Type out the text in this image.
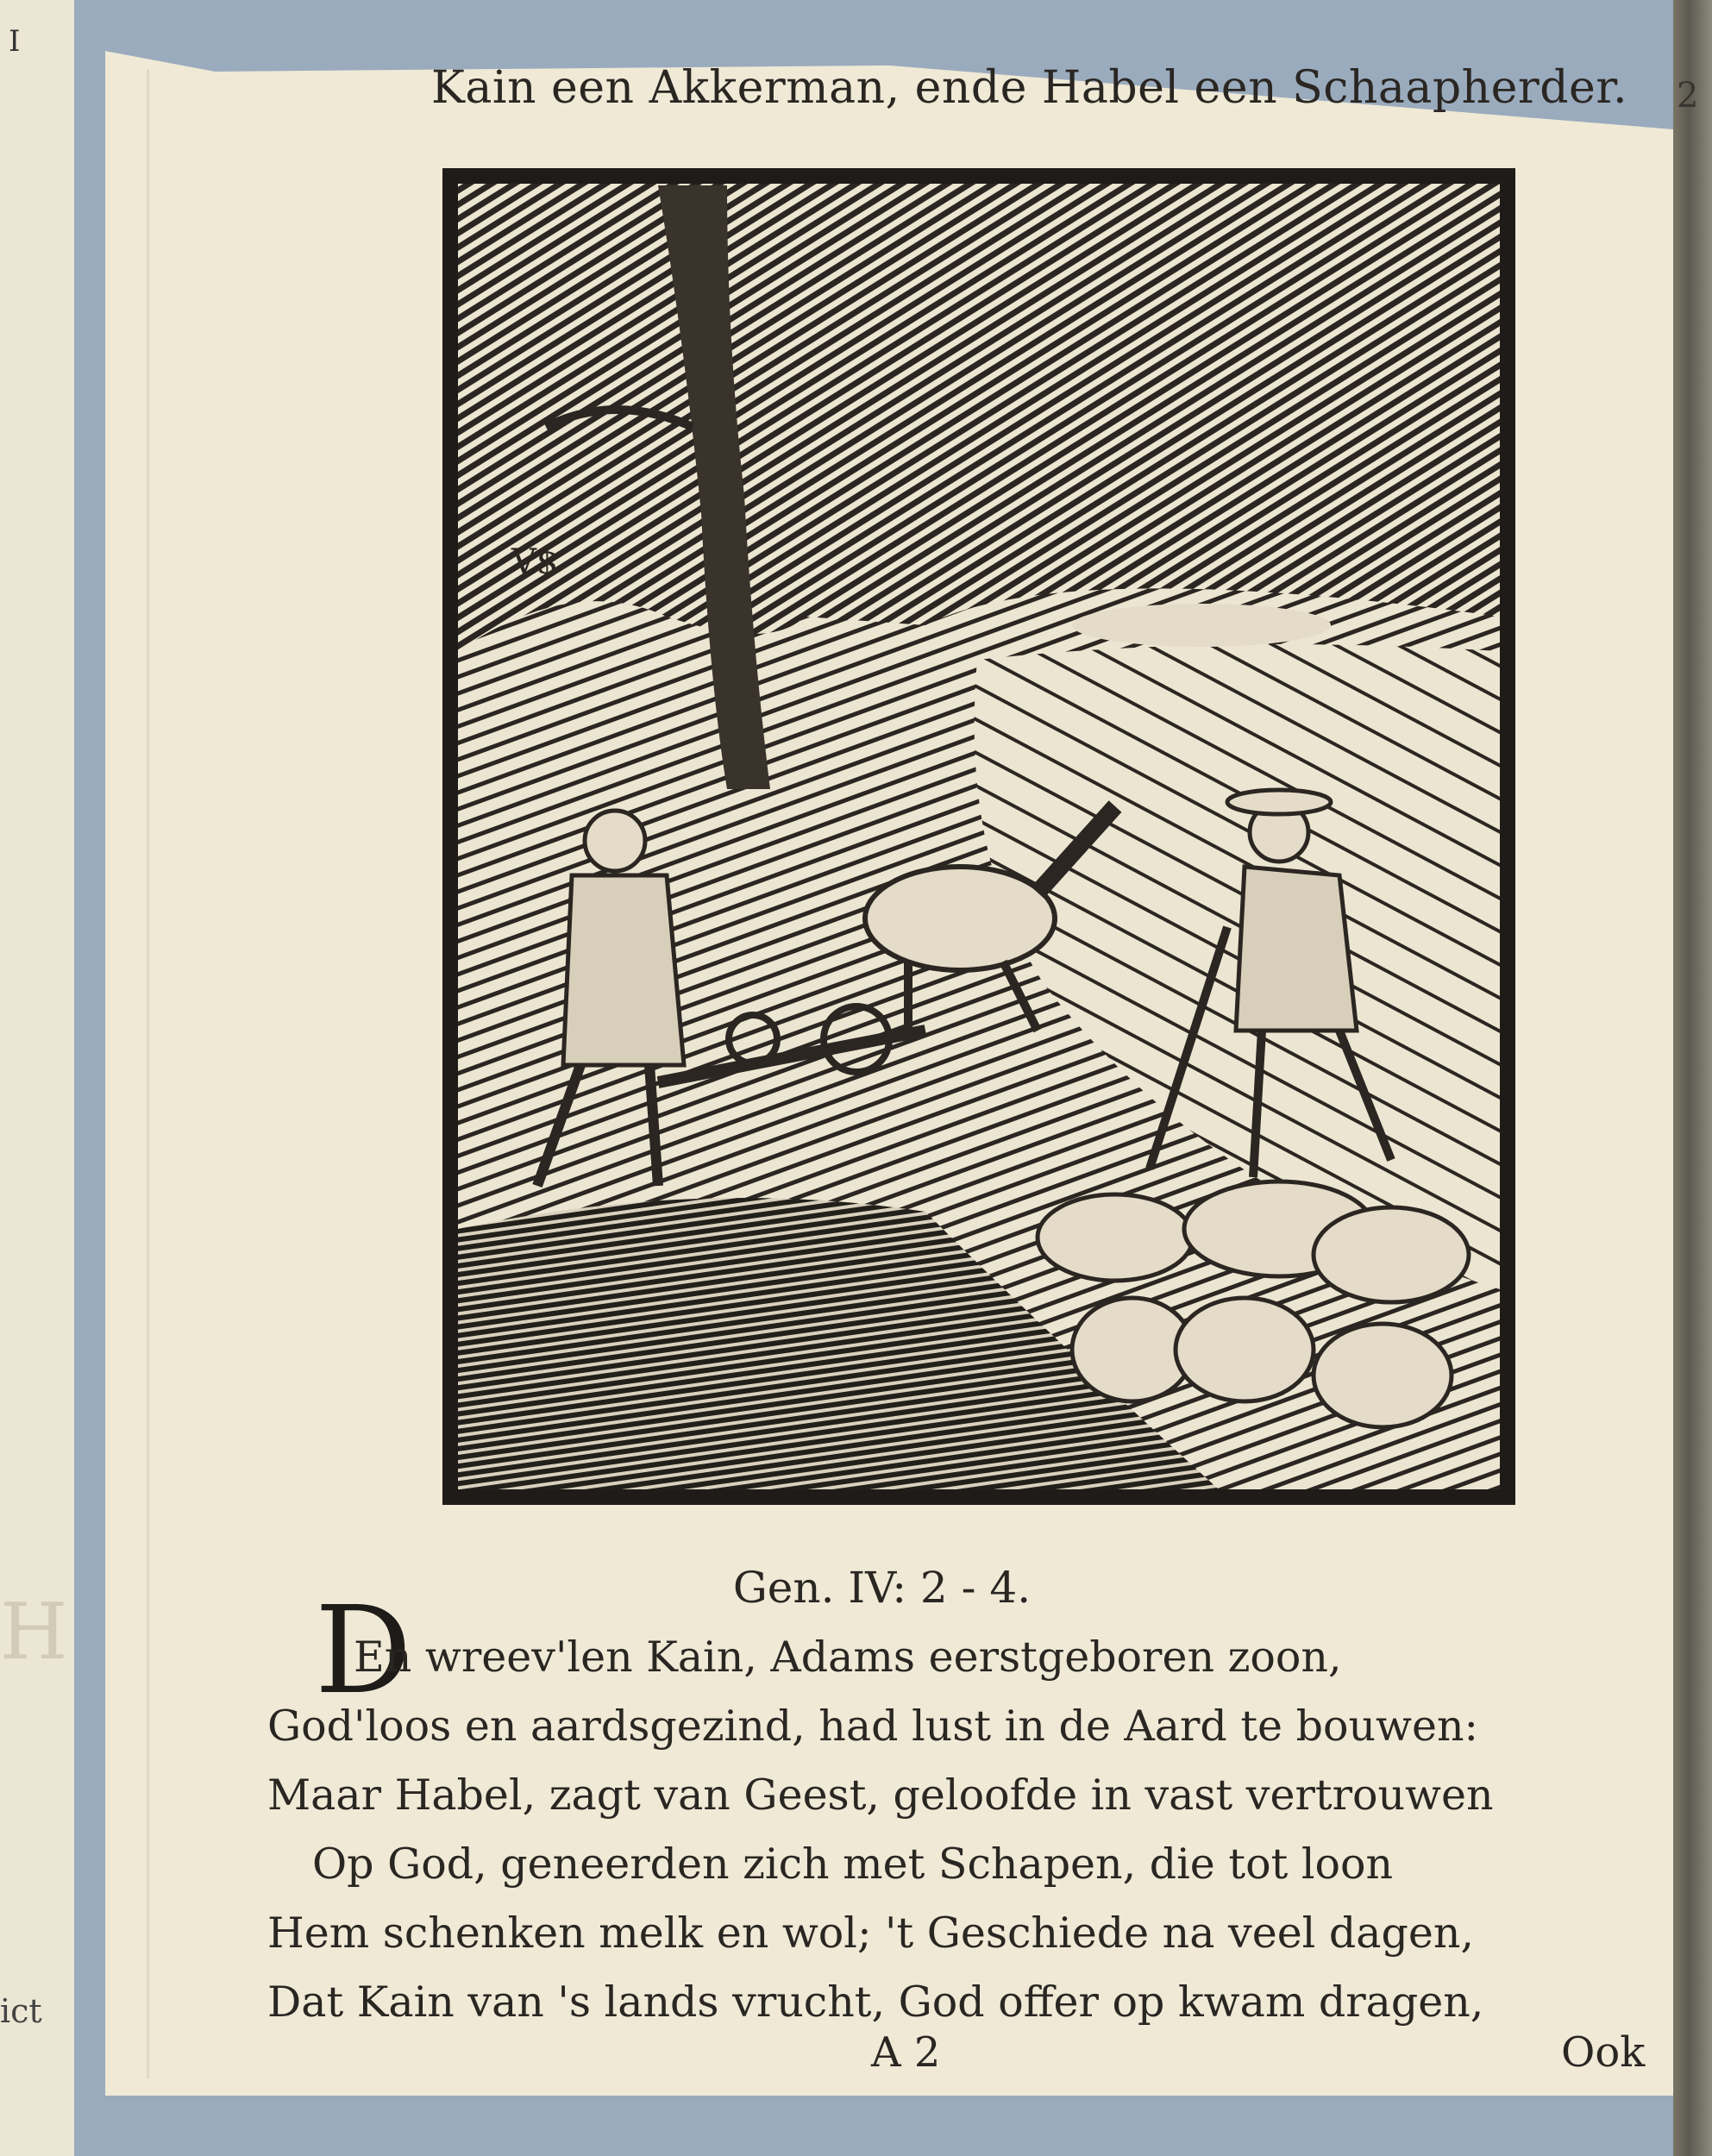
I
H
ict
Kain een Akkerman, ende Habel een Schaapherder. 2
V$
Gen. IV: 2 - 4.
D
En wreev'len Kain, Adams eerstgeboren zoon,
God'loos en aardsgezind, had lust in de Aard te bouwen:
Maar Habel, zagt van Geest, geloofde in vast vertrouwen
Op God, geneerden zich met Schapen, die tot loon
Hem schenken melk en wol; 't Geschiede na veel dagen,
Dat Kain van 's lands vrucht, God offer op kwam dragen,
A 2	Ook
